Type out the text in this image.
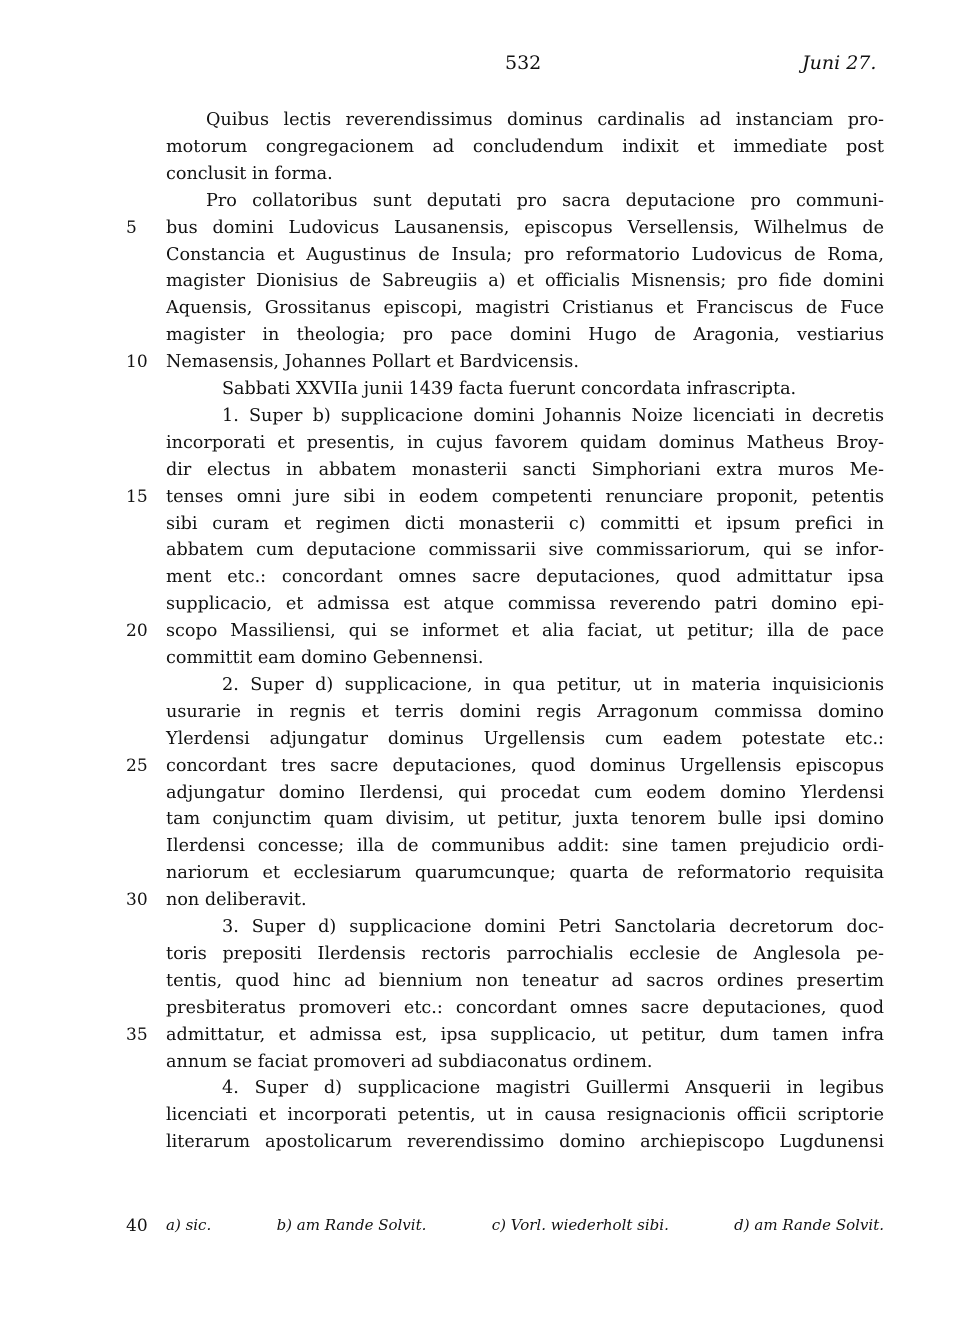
532	Juni 27.
Quibus lectis reverendissimus dominus cardinalis ad instanciam pro-
motorum congregacionem ad concludendum indixit et immediate post
conclusit in forma.
Pro collatoribus sunt deputati pro sacra deputacione pro communi-
bus domini Ludovicus Lausanensis, episcopus Versellensis, Wilhelmus de
Constancia et Augustinus de Insula; pro reformatorio Ludovicus de Roma,
magister Dionisius de Sabreugiis a) et officialis Misnensis; pro fide domini
Aquensis, Grossitanus episcopi, magistri Cristianus et Franciscus de Fuce
magister in theologia; pro pace domini Hugo de Aragonia, vestiarius
Nemasensis, Johannes Pollart et Bardvicensis.
Sabbati XXVIIa junii 1439 facta fuerunt concordata infrascripta.
1. Super b) supplicacione domini Johannis Noize licenciati in decretis
incorporati et presentis, in cujus favorem quidam dominus Matheus Broy-
dir electus in abbatem monasterii sancti Simphoriani extra muros Me-
tenses omni jure sibi in eodem competenti renunciare proponit, petentis
sibi curam et regimen dicti monasterii c) committi et ipsum prefici in
abbatem cum deputacione commissarii sive commissariorum, qui se infor-
ment etc.: concordant omnes sacre deputaciones, quod admittatur ipsa
supplicacio, et admissa est atque commissa reverendo patri domino epi-
scopo Massiliensi, qui se informet et alia faciat, ut petitur; illa de pace
committit eam domino Gebennensi.
2. Super d) supplicacione, in qua petitur, ut in materia inquisicionis
usurarie in regnis et terris domini regis Arragonum commissa domino
Ylerdensi adjungatur dominus Urgellensis cum eadem potestate etc.:
concordant tres sacre deputaciones, quod dominus Urgellensis episcopus
adjungatur domino Ilerdensi, qui procedat cum eodem domino Ylerdensi
tam conjunctim quam divisim, ut petitur, juxta tenorem bulle ipsi domino
Ilerdensi concesse; illa de communibus addit: sine tamen prejudicio ordi-
nariorum et ecclesiarum quarumcunque; quarta de reformatorio requisita
non deliberavit.
3. Super d) supplicacione domini Petri Sanctolaria decretorum doc-
toris prepositi Ilerdensis rectoris parrochialis ecclesie de Anglesola pe-
tentis, quod hinc ad biennium non teneatur ad sacros ordines presertim
presbiteratus promoveri etc.: concordant omnes sacre deputaciones, quod
admittatur, et admissa est, ipsa supplicacio, ut petitur, dum tamen infra
annum se faciat promoveri ad subdiaconatus ordinem.
4. Super d) supplicacione magistri Guillermi Ansquerii in legibus
licenciati et incorporati petentis, ut in causa resignacionis officii scriptorie
literarum apostolicarum reverendissimo domino archiepiscopo Lugdunensi
5
10
15
20
25
30
35
40 a) sic.	b) am Rande Solvit.	c) Vorl. wiederholt sibi.	d) am Rande Solvit.
